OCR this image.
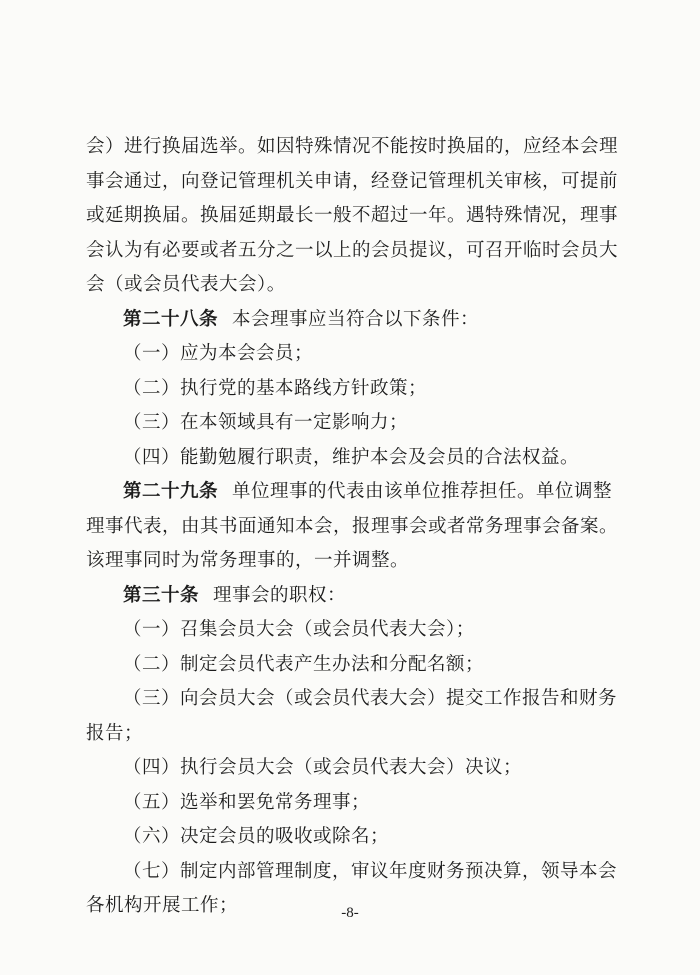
会）进行换届选举。如因特殊情况不能按时换届的，应经本会理
事会通过，向登记管理机关申请，经登记管理机关审核，可提前
或延期换届。换届延期最长一般不超过一年。遇特殊情况，理事
会认为有必要或者五分之一以上的会员提议，可召开临时会员大
会（或会员代表大会）。
第二十八条 本会理事应当符合以下条件：
（一）应为本会会员；
（二）执行党的基本路线方针政策；
（三）在本领域具有一定影响力；
（四）能勤勉履行职责，维护本会及会员的合法权益。
第二十九条 单位理事的代表由该单位推荐担任。单位调整
理事代表，由其书面通知本会，报理事会或者常务理事会备案。
该理事同时为常务理事的，一并调整。
第三十条 理事会的职权：
（一）召集会员大会（或会员代表大会）；
（二）制定会员代表产生办法和分配名额；
（三）向会员大会（或会员代表大会）提交工作报告和财务
报告；
（四）执行会员大会（或会员代表大会）决议；
（五）选举和罢免常务理事；
（六）决定会员的吸收或除名；
（七）制定内部管理制度，审议年度财务预决算，领导本会
各机构开展工作；	-8-
